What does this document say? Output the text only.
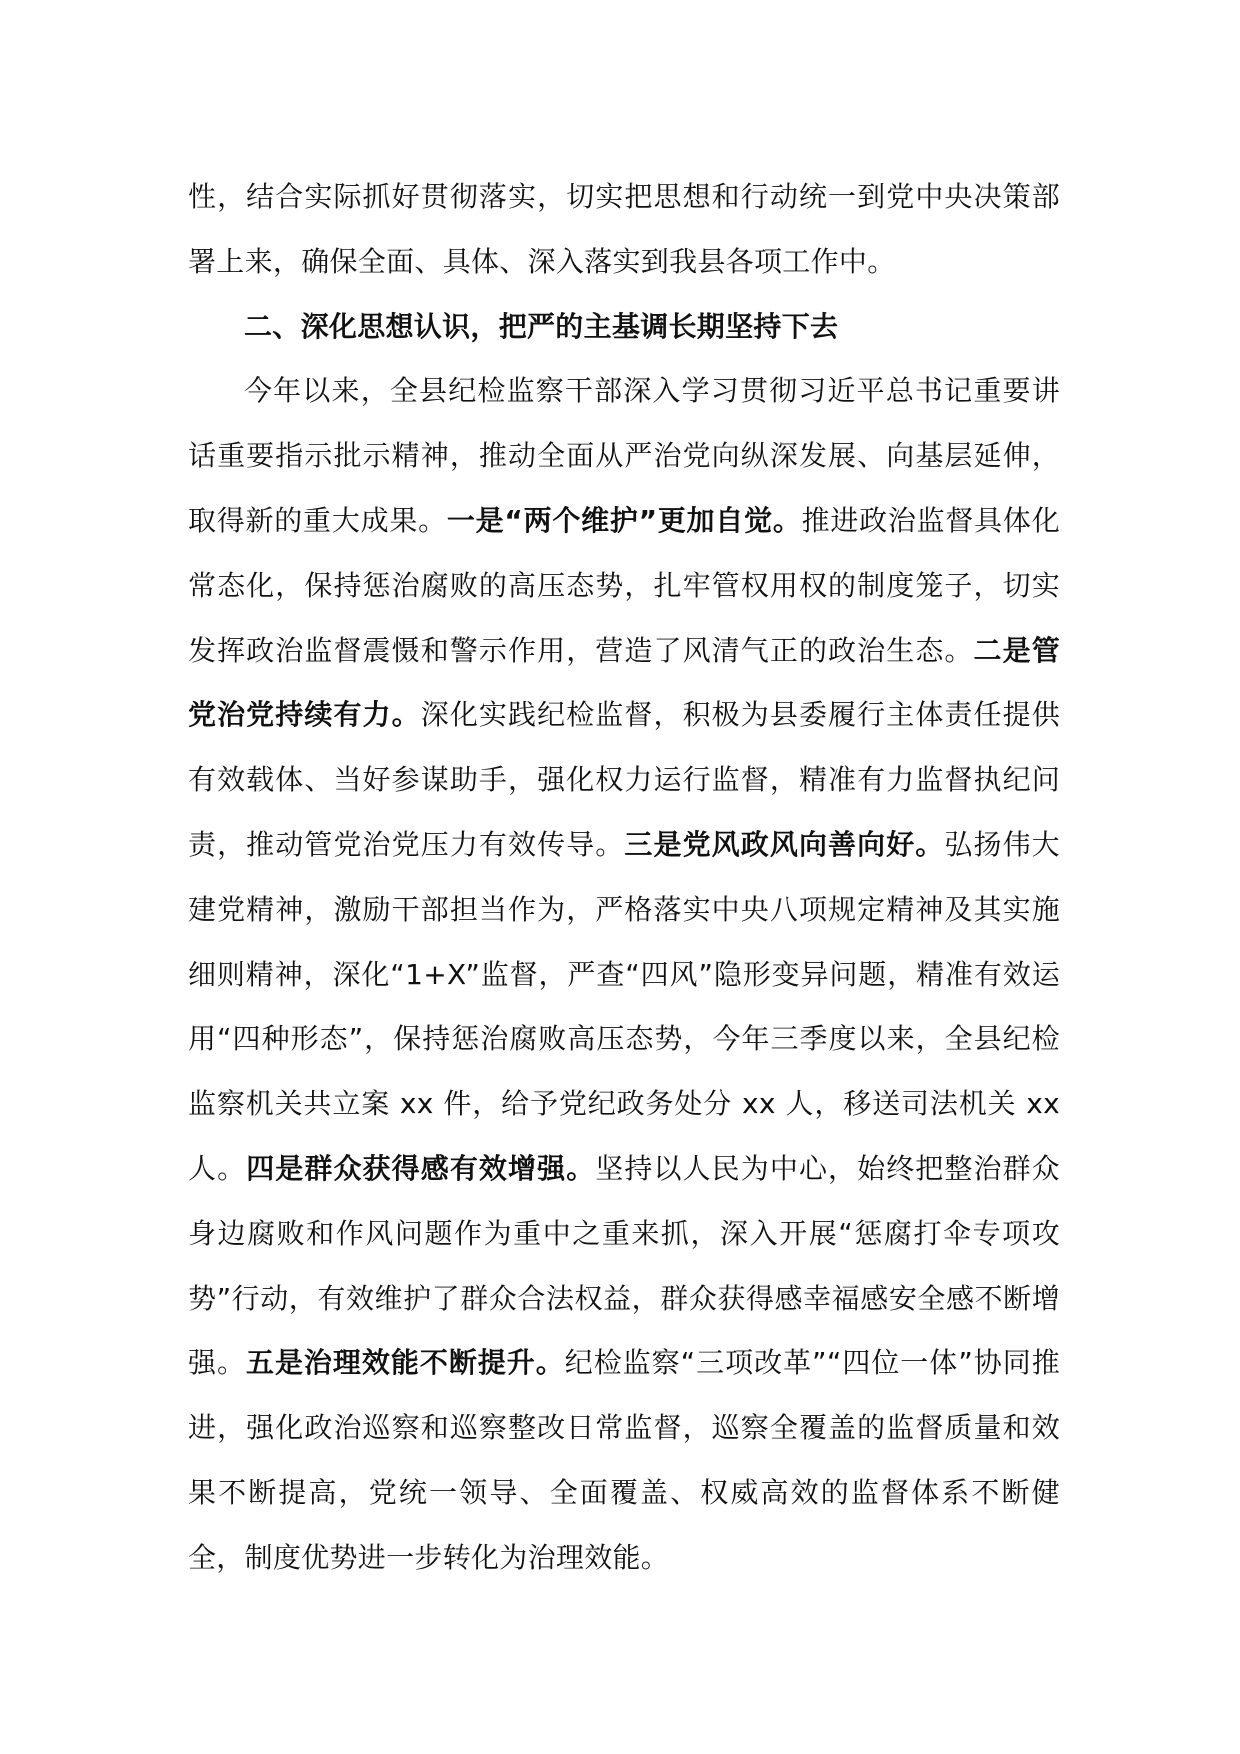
性，结合实际抓好贯彻落实，切实把思想和行动统一到党中央决策部署上来，确保全面、具体、深入落实到我县各项工作中。

二、深化思想认识，把严的主基调长期坚持下去

今年以来，全县纪检监察干部深入学习贯彻习近平总书记重要讲话重要指示批示精神，推动全面从严治党向纵深发展、向基层延伸，取得新的重大成果。一是“两个维护”更加自觉。推进政治监督具体化常态化，保持惩治腐败的高压态势，扎牢管权用权的制度笼子，切实发挥政治监督震慑和警示作用，营造了风清气正的政治生态。二是管党治党持续有力。深化实践纪检监督，积极为县委履行主体责任提供有效载体、当好参谋助手，强化权力运行监督，精准有力监督执纪问责，推动管党治党压力有效传导。三是党风政风向善向好。弘扬伟大建党精神，激励干部担当作为，严格落实中央八项规定精神及其实施细则精神，深化“1+X”监督，严查“四风”隐形变异问题，精准有效运用“四种形态”，保持惩治腐败高压态势，今年三季度以来，全县纪检监察机关共立案 xx 件，给予党纪政务处分 xx 人，移送司法机关 xx 人。四是群众获得感有效增强。坚持以人民为中心，始终把整治群众身边腐败和作风问题作为重中之重来抓，深入开展“惩腐打伞专项攻势”行动，有效维护了群众合法权益，群众获得感幸福感安全感不断增强。五是治理效能不断提升。纪检监察“三项改革”“四位一体”协同推进，强化政治巡察和巡察整改日常监督，巡察全覆盖的监督质量和效果不断提高，党统一领导、全面覆盖、权威高效的监督体系不断健全，制度优势进一步转化为治理效能。
